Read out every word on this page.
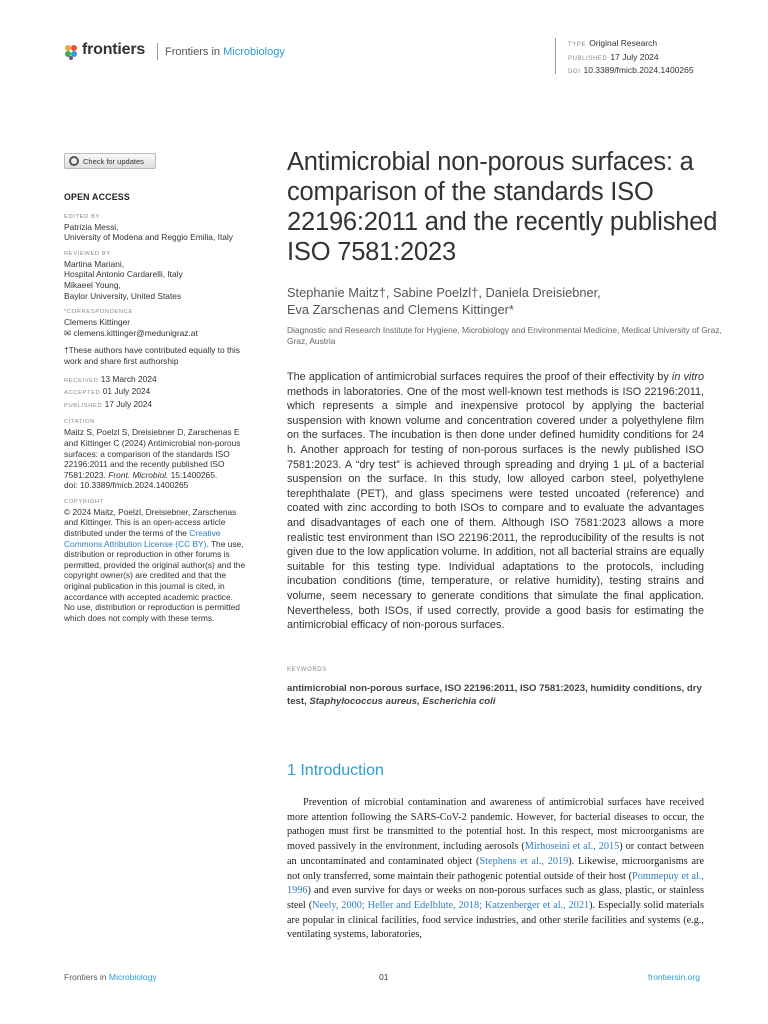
frontiers Frontiers in Microbiology
TYPE Original Research
PUBLISHED 17 July 2024
DOI 10.3389/fmicb.2024.1400265
Check for updates
OPEN ACCESS
EDITED BY
Patrizia Messi,
University of Modena and Reggio Emilia, Italy
REVIEWED BY
Martina Mariani,
Hospital Antonio Cardarelli, Italy
Mikaeel Young,
Baylor University, United States
*CORRESPONDENCE
Clemens Kittinger
✉ clemens.kittinger@medunigraz.at
†These authors have contributed equally to this work and share first authorship
RECEIVED 13 March 2024
ACCEPTED 01 July 2024
PUBLISHED 17 July 2024
CITATION
Maitz S, Poelzl S, Dreisiebner D, Zarschenas E and Kittinger C (2024) Antimicrobial non-porous surfaces: a comparison of the standards ISO 22196:2011 and the recently published ISO 7581:2023. Front. Microbiol. 15:1400265.
doi: 10.3389/fmicb.2024.1400265
COPYRIGHT
© 2024 Maitz, Poelzl, Dreisiebner, Zarschenas and Kittinger. This is an open-access article distributed under the terms of the Creative Commons Attribution License (CC BY). The use, distribution or reproduction in other forums is permitted, provided the original author(s) and the copyright owner(s) are credited and that the original publication in this journal is cited, in accordance with accepted academic practice. No use, distribution or reproduction is permitted which does not comply with these terms.
Antimicrobial non-porous surfaces: a comparison of the standards ISO 22196:2011 and the recently published ISO 7581:2023
Stephanie Maitz†, Sabine Poelzl†, Daniela Dreisiebner,
Eva Zarschenas and Clemens Kittinger*
Diagnostic and Research Institute for Hygiene, Microbiology and Environmental Medicine, Medical University of Graz, Graz, Austria
The application of antimicrobial surfaces requires the proof of their effectivity by in vitro methods in laboratories. One of the most well-known test methods is ISO 22196:2011, which represents a simple and inexpensive protocol by applying the bacterial suspension with known volume and concentration covered under a polyethylene film on the surfaces. The incubation is then done under defined humidity conditions for 24 h. Another approach for testing of non-porous surfaces is the newly published ISO 7581:2023. A “dry test” is achieved through spreading and drying 1 µL of a bacterial suspension on the surface. In this study, low alloyed carbon steel, polyethylene terephthalate (PET), and glass specimens were tested uncoated (reference) and coated with zinc according to both ISOs to compare and to evaluate the advantages and disadvantages of each one of them. Although ISO 7581:2023 allows a more realistic test environment than ISO 22196:2011, the reproducibility of the results is not given due to the low application volume. In addition, not all bacterial strains are equally suitable for this testing type. Individual adaptations to the protocols, including incubation conditions (time, temperature, or relative humidity), testing strains and volume, seem necessary to generate conditions that simulate the final application. Nevertheless, both ISOs, if used correctly, provide a good basis for estimating the antimicrobial efficacy of non-porous surfaces.
KEYWORDS
antimicrobial non-porous surface, ISO 22196:2011, ISO 7581:2023, humidity conditions, dry test, Staphylococcus aureus, Escherichia coli
1 Introduction
Prevention of microbial contamination and awareness of antimicrobial surfaces have received more attention following the SARS-CoV-2 pandemic. However, for bacterial diseases to occur, the pathogen must first be transmitted to the potential host. In this respect, most microorganisms are moved passively in the environment, including aerosols (Mirhoseini et al., 2015) or contact between an uncontaminated and contaminated object (Stephens et al., 2019). Likewise, microorganisms are not only transferred, some maintain their pathogenic potential outside of their host (Pommepuy et al., 1996) and even survive for days or weeks on non-porous surfaces such as glass, plastic, or stainless steel (Neely, 2000; Heller and Edelblute, 2018; Katzenberger et al., 2021). Especially solid materials are popular in clinical facilities, food service industries, and other sterile facilities and systems (e.g., ventilating systems, laboratories,
Frontiers in Microbiology	01	frontiersin.org
